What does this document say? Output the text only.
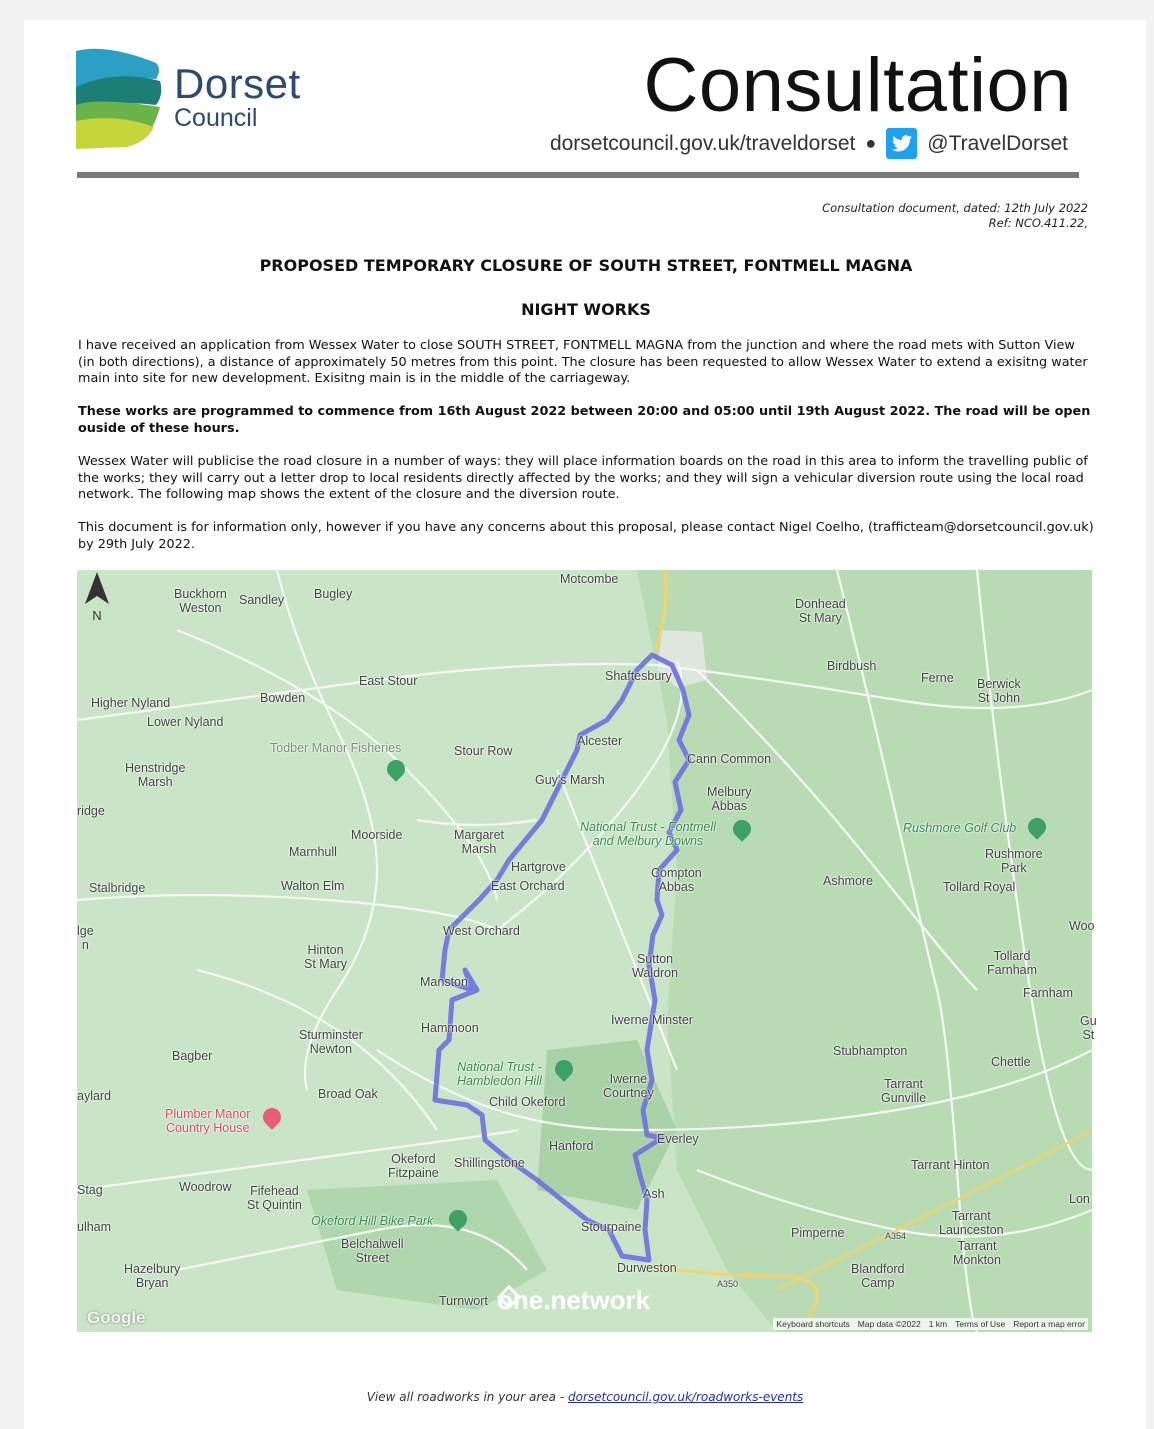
Dorset
Council	Consultation
dorsetcouncil.gov.uk/traveldorset ● @TravelDorset
Consultation document, dated: 12th July 2022
Ref: NCO.411.22,
PROPOSED TEMPORARY CLOSURE OF SOUTH STREET, FONTMELL MAGNA
NIGHT WORKS
I have received an application from Wessex Water to close SOUTH STREET, FONTMELL MAGNA from the junction and where the road mets with Sutton View (in both directions), a distance of approximately 50 metres from this point. The closure has been requested to allow Wessex Water to extend a exisitng water main into site for new development. Exisitng main is in the middle of the carriageway.
These works are programmed to commence from 16th August 2022 between 20:00 and 05:00 until 19th August 2022. The road will be open ouside of these hours.
Wessex Water will publicise the road closure in a number of ways: they will place information boards on the road in this area to inform the travelling public of the works; they will carry out a letter drop to local residents directly affected by the works; and they will sign a vehicular diversion route using the local road network. The following map shows the extent of the closure and the diversion route.
This document is for information only, however if you have any concerns about this proposal, please contact Nigel Coelho, (trafficteam@dorsetcouncil.gov.uk) by 29th July 2022.
Motcombe
Buckhorn
Weston
Sandley Bugley
Donhead
St Mary
Birdbush
Ferne Berwick
St John
Shaftesbury
East Stour
Bowden
Higher Nyland
Lower Nyland
Todber Manor Fisheries	Stour Row
Alcester
Cann Common
Henstridge
Marsh	Guy's Marsh
Melbury
Abbas
National Trust - Fontmell
and Melbury Downs
Rushmore Golf Club
Rushmore
Park
ridge
Moorside	Margaret
Marsh
Marnhull
Hartgrove
East Orchard
Compton
Abbas	Ashmore	Tollard Royal
Stalbridge	Walton Elm
West Orchard	Woo
lge
n	Hinton
St Mary	Sutton
Waldron
Tollard
Farnham
Manston
Farnham
Hammoon
Iwerne Minster
Sturminster
Newton
Bagber
National Trust -
Hambledon Hill
Stubhampton
Chettle
Iwerne
Courtney
Tarrant
Gunville
aylard	Broad Oak
Child Okeford
Plumber Manor
Country House
Everley
Hanford
Okeford
Fitzpaine
Shillingstone	Tarrant Hinton
Stag	Woodrow Fifehead
St Quintin
Ash	Lon
ulham	Okeford Hill Bike Park	Stourpaine	Pimperne
Belchalwell
Street
Tarrant
Launceston
Tarrant
Monkton
Hazelbury
Bryan
Durweston	Blandford
Camp
Turnwort
Gu
St
N
one.network
Google	Keyboard shortcuts Map data ©2022 1 km Terms of Use Report a map error
A350
A354
View all roadworks in your area - dorsetcouncil.gov.uk/roadworks-events
